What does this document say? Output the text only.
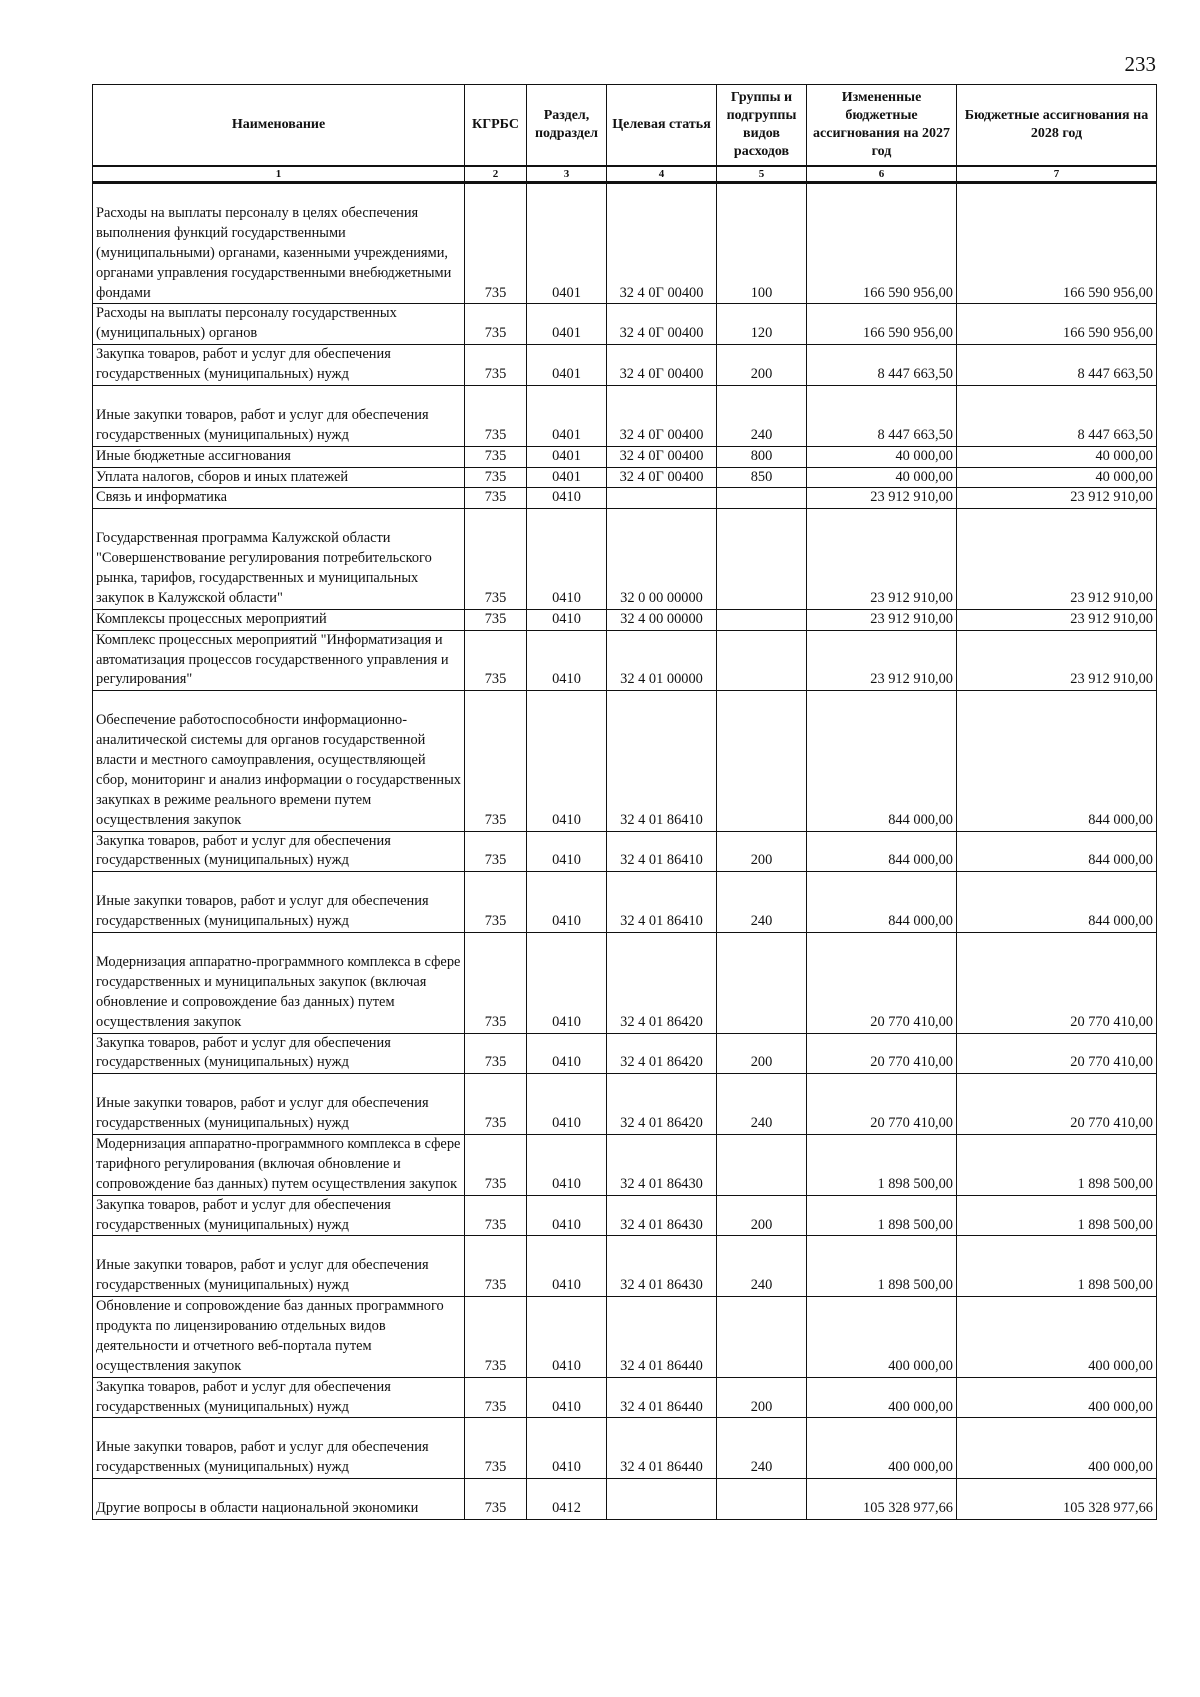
233
Наименование	КГРБС	Раздел, подраздел	Целевая статья	Группы и подгруппы видов расходов	Измененные бюджетные ассигнования на 2027 год	Бюджетные ассигнования на 2028 год
1	2	3	4	5	6	7
Расходы на выплаты персоналу в целях обеспечения выполнения функций государственными (муниципальными) органами, казенными учреждениями, органами управления государственными внебюджетными фондами	735	0401	32 4 0Г 00400	100	166 590 956,00	166 590 956,00
Расходы на выплаты персоналу государственных (муниципальных) органов	735	0401	32 4 0Г 00400	120	166 590 956,00	166 590 956,00
Закупка товаров, работ и услуг для обеспечения государственных (муниципальных) нужд	735	0401	32 4 0Г 00400	200	8 447 663,50	8 447 663,50
Иные закупки товаров, работ и услуг для обеспечения государственных (муниципальных) нужд	735	0401	32 4 0Г 00400	240	8 447 663,50	8 447 663,50
Иные бюджетные ассигнования	735	0401	32 4 0Г 00400	800	40 000,00	40 000,00
Уплата налогов, сборов и иных платежей	735	0401	32 4 0Г 00400	850	40 000,00	40 000,00
Связь и информатика	735	0410			23 912 910,00	23 912 910,00
Государственная программа Калужской области "Совершенствование регулирования потребительского рынка, тарифов, государственных и муниципальных закупок в Калужской области"	735	0410	32 0 00 00000		23 912 910,00	23 912 910,00
Комплексы процессных мероприятий	735	0410	32 4 00 00000		23 912 910,00	23 912 910,00
Комплекс процессных мероприятий "Информатизация и автоматизация процессов государственного управления и регулирования"	735	0410	32 4 01 00000		23 912 910,00	23 912 910,00
Обеспечение работоспособности информационно-аналитической системы для органов государственной власти и местного самоуправления, осуществляющей сбор, мониторинг и анализ информации о государственных закупках в режиме реального времени путем осуществления закупок	735	0410	32 4 01 86410		844 000,00	844 000,00
Закупка товаров, работ и услуг для обеспечения государственных (муниципальных) нужд	735	0410	32 4 01 86410	200	844 000,00	844 000,00
Иные закупки товаров, работ и услуг для обеспечения государственных (муниципальных) нужд	735	0410	32 4 01 86410	240	844 000,00	844 000,00
Модернизация аппаратно-программного комплекса в сфере государственных и муниципальных закупок (включая обновление и сопровождение баз данных) путем осуществления закупок	735	0410	32 4 01 86420		20 770 410,00	20 770 410,00
Закупка товаров, работ и услуг для обеспечения государственных (муниципальных) нужд	735	0410	32 4 01 86420	200	20 770 410,00	20 770 410,00
Иные закупки товаров, работ и услуг для обеспечения государственных (муниципальных) нужд	735	0410	32 4 01 86420	240	20 770 410,00	20 770 410,00
Модернизация аппаратно-программного комплекса в сфере тарифного регулирования (включая обновление и сопровождение баз данных) путем осуществления закупок	735	0410	32 4 01 86430		1 898 500,00	1 898 500,00
Закупка товаров, работ и услуг для обеспечения государственных (муниципальных) нужд	735	0410	32 4 01 86430	200	1 898 500,00	1 898 500,00
Иные закупки товаров, работ и услуг для обеспечения государственных (муниципальных) нужд	735	0410	32 4 01 86430	240	1 898 500,00	1 898 500,00
Обновление и сопровождение баз данных программного продукта по лицензированию отдельных видов деятельности и отчетного веб-портала путем осуществления закупок	735	0410	32 4 01 86440		400 000,00	400 000,00
Закупка товаров, работ и услуг для обеспечения государственных (муниципальных) нужд	735	0410	32 4 01 86440	200	400 000,00	400 000,00
Иные закупки товаров, работ и услуг для обеспечения государственных (муниципальных) нужд	735	0410	32 4 01 86440	240	400 000,00	400 000,00
Другие вопросы в области национальной экономики	735	0412			105 328 977,66	105 328 977,66
